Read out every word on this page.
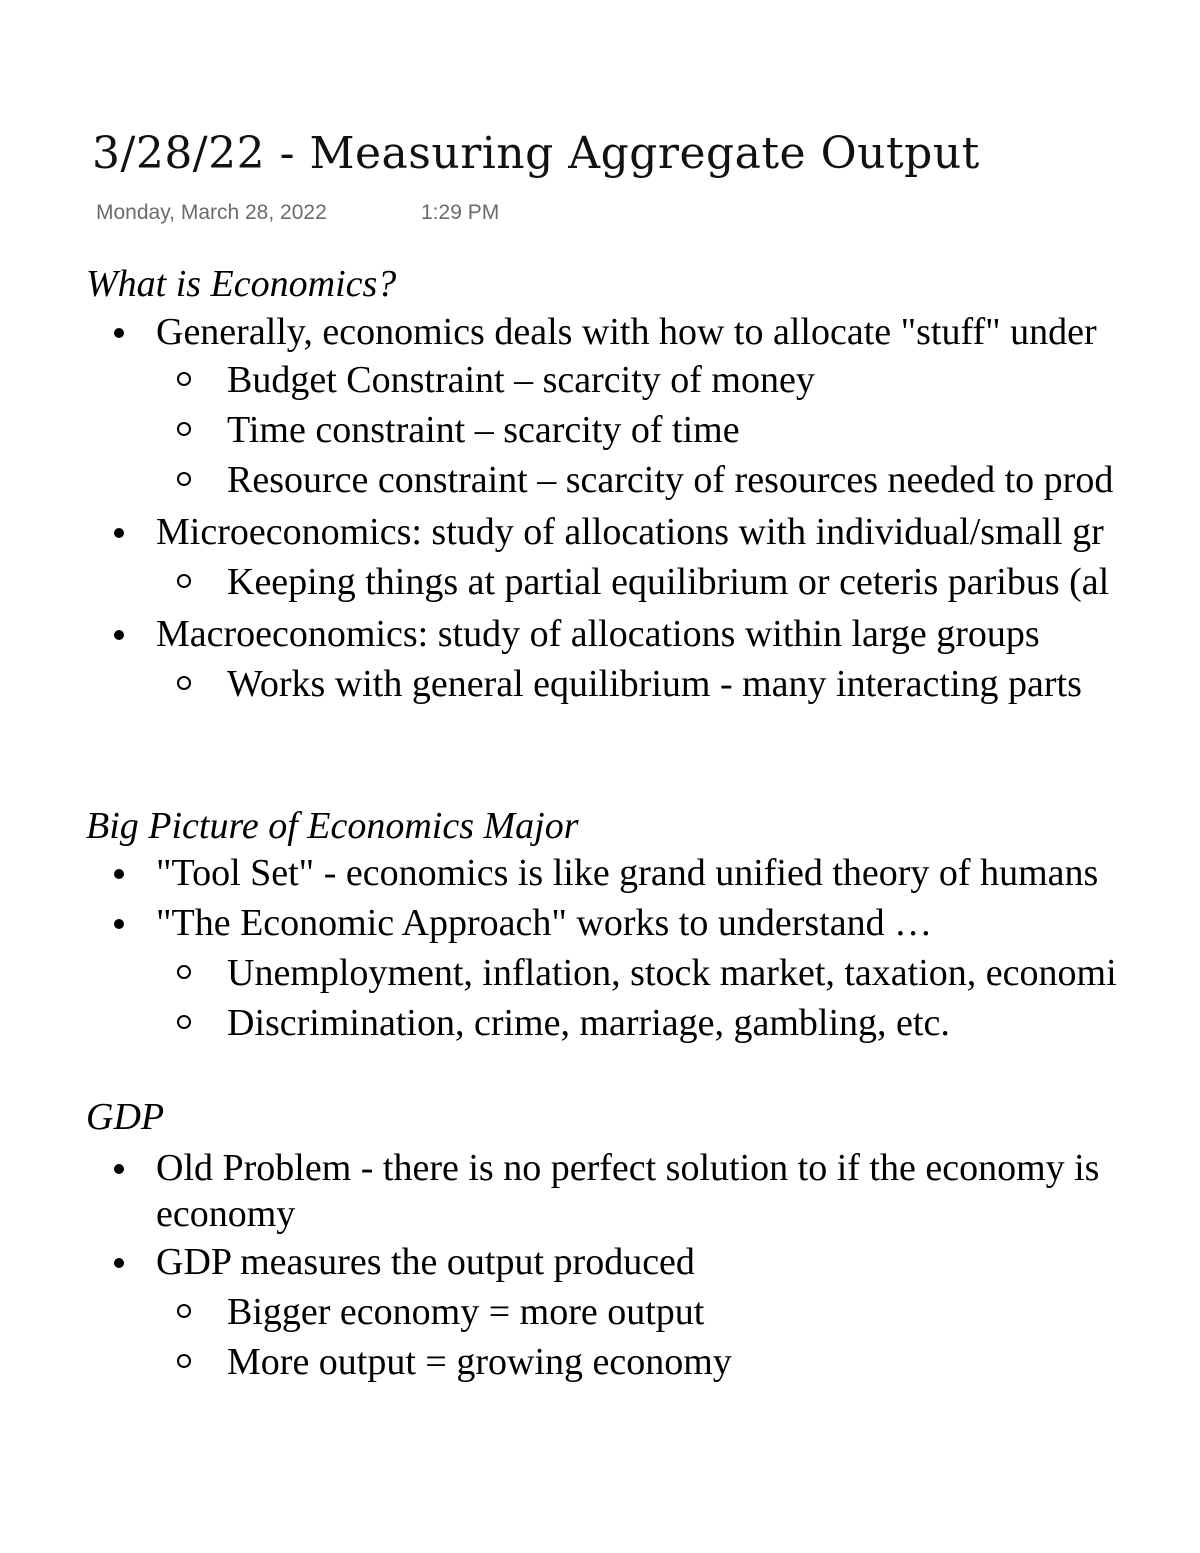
3/28/22 - Measuring Aggregate Output
Monday, March 28, 2022	1:29 PM
What is Economics?
Generally, economics deals with how to allocate "stuff" under
Budget Constraint – scarcity of money
Time constraint – scarcity of time
Resource constraint – scarcity of resources needed to prod
Microeconomics: study of allocations with individual/small gr
Keeping things at partial equilibrium or ceteris paribus (al
Macroeconomics: study of allocations within large groups
Works with general equilibrium - many interacting parts
Big Picture of Economics Major
"Tool Set" - economics is like grand unified theory of humans
"The Economic Approach" works to understand …
Unemployment, inflation, stock market, taxation, economi
Discrimination, crime, marriage, gambling, etc.
GDP
Old Problem - there is no perfect solution to if the economy is
economy
GDP measures the output produced
Bigger economy = more output
More output = growing economy
